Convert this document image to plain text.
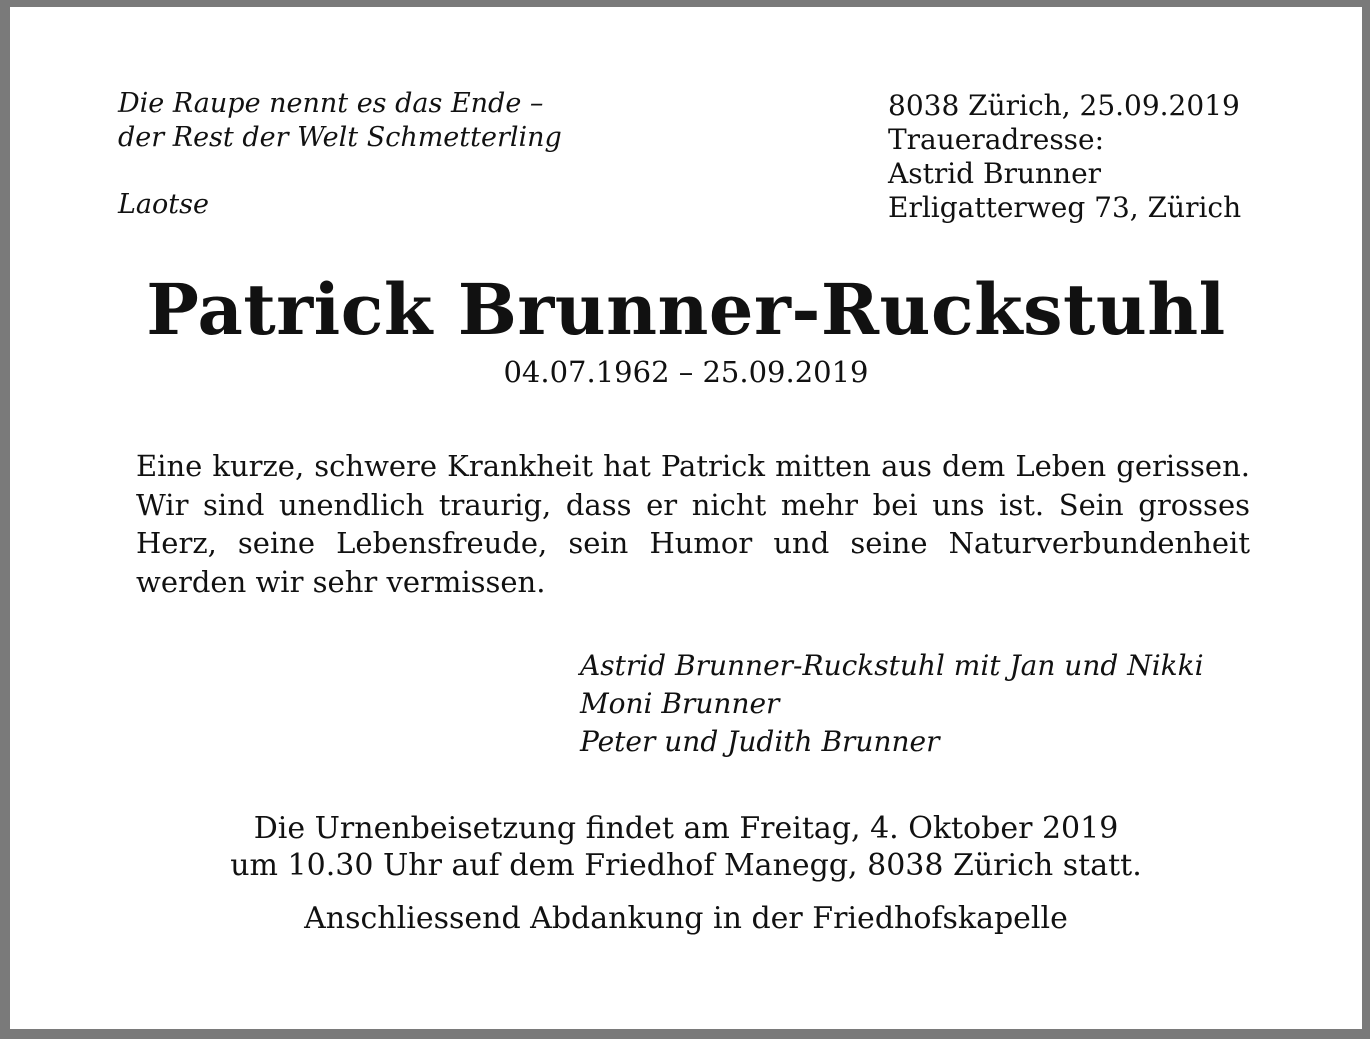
Die Raupe nennt es das Ende –
der Rest der Welt Schmetterling
Laotse
8038 Zürich, 25.09.2019
Traueradresse:
Astrid Brunner
Erligatterweg 73, Zürich
Patrick Brunner-Ruckstuhl
04.07.1962 – 25.09.2019
Eine kurze, schwere Krankheit hat Patrick mitten aus dem Leben gerissen. Wir sind unendlich traurig, dass er nicht mehr bei uns ist. Sein grosses Herz, seine Lebensfreude, sein Humor und seine Naturverbundenheit werden wir sehr vermissen.
Astrid Brunner-Ruckstuhl mit Jan und Nikki
Moni Brunner
Peter und Judith Brunner
Die Urnenbeisetzung findet am Freitag, 4. Oktober 2019
um 10.30 Uhr auf dem Friedhof Manegg, 8038 Zürich statt.
Anschliessend Abdankung in der Friedhofskapelle
